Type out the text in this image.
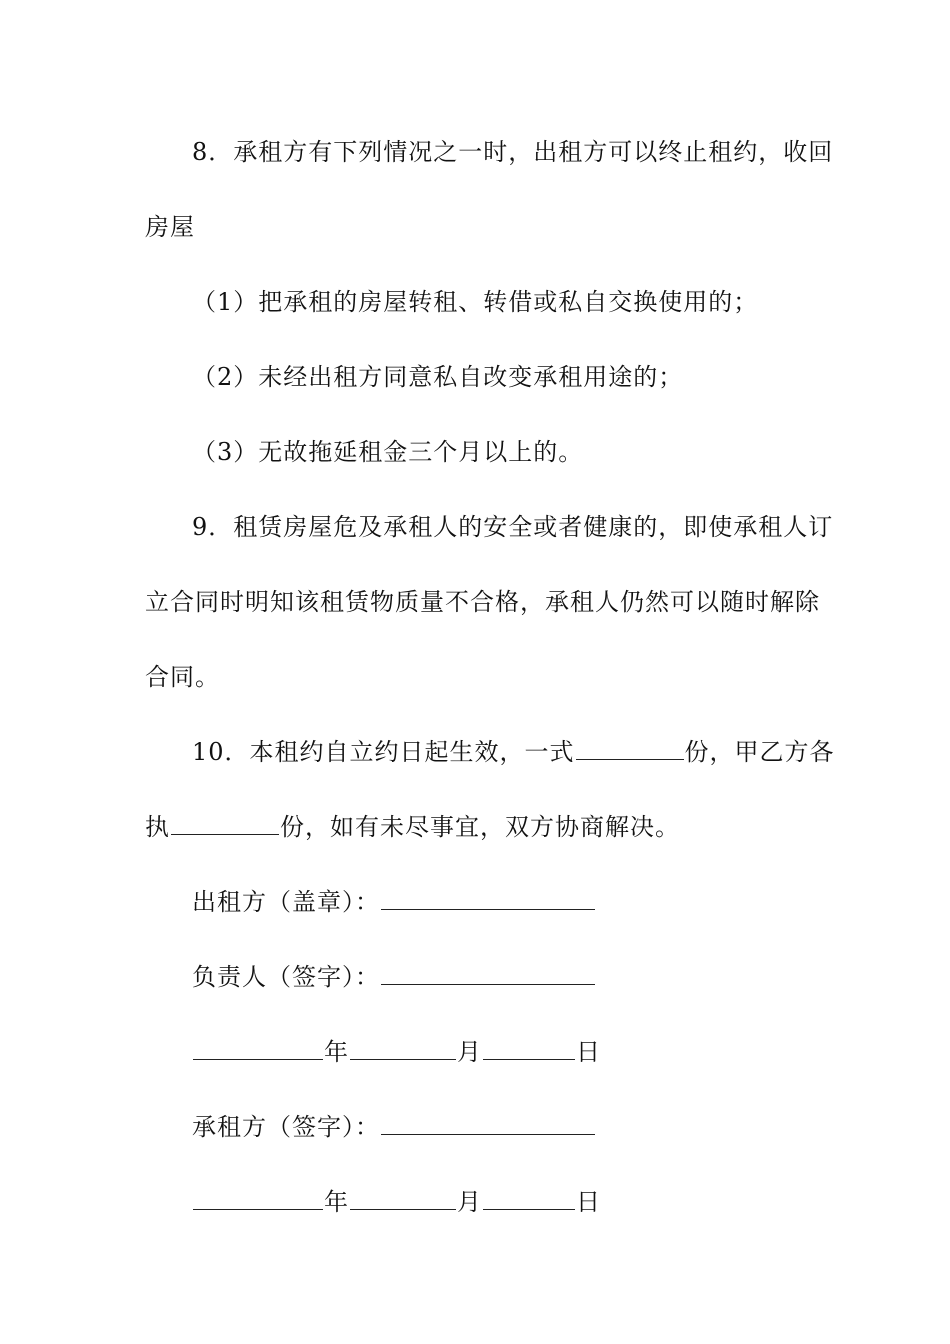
8．承租方有下列情况之一时，出租方可以终止租约，收回
房屋
（1）把承租的房屋转租、转借或私自交换使用的；
（2）未经出租方同意私自改变承租用途的；
（3）无故拖延租金三个月以上的。
9．租赁房屋危及承租人的安全或者健康的，即使承租人订
立合同时明知该租赁物质量不合格，承租人仍然可以随时解除
合同。
10．本租约自立约日起生效，一式	份，甲乙方各
执	份，如有未尽事宜，双方协商解决。
出租方（盖章）：
负责人（签字）：
年	月	日
承租方（签字）：
年	月	日
